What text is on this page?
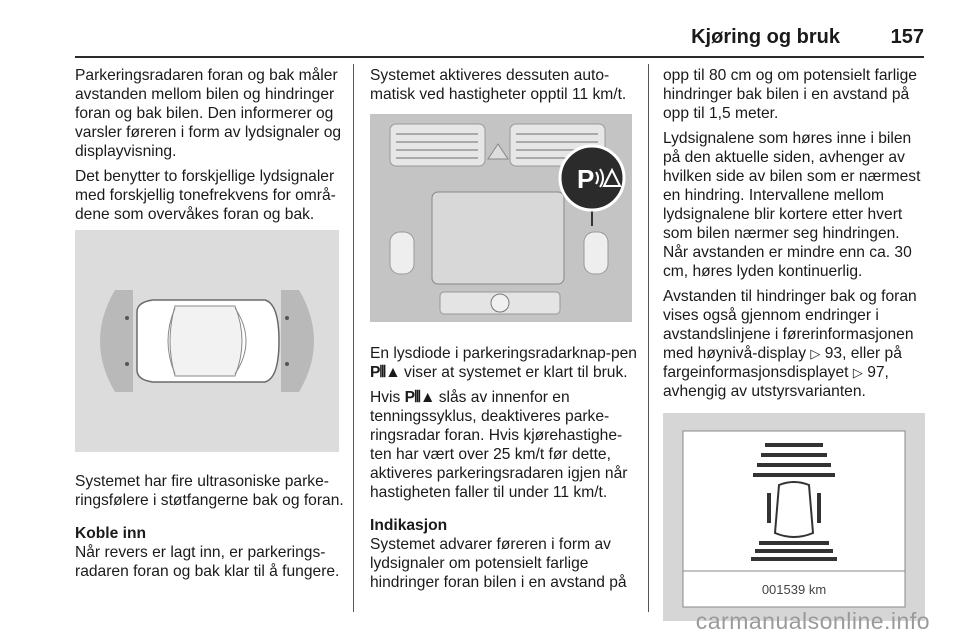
Kjøring og bruk	157

Parkeringsradaren foran og bak måler avstanden mellom bilen og hindringer foran og bak bilen. Den informerer og varsler føreren i form av lydsignaler og displayvisning.

Det benytter to forskjellige lydsignaler med forskjellig tonefrekvens for områ-dene som overvåkes foran og bak.

Systemet har fire ultrasoniske parke-ringsfølere i støtfangerne bak og foran.

Koble inn

Når revers er lagt inn, er parkerings-radaren foran og bak klar til å fungere.

Systemet aktiveres dessuten auto-matisk ved hastigheter opptil 11 km/t.

P

En lysdiode i parkeringsradarknap-pen P⦀▲ viser at systemet er klart til bruk.

Hvis P⦀▲ slås av innenfor en tenningssyklus, deaktiveres parke-ringsradar foran. Hvis kjørehastighe-ten har vært over 25 km/t før dette, aktiveres parkeringsradaren igjen når hastigheten faller til under 11 km/t.

Indikasjon

Systemet advarer føreren i form av lydsignaler om potensielt farlige hindringer foran bilen i en avstand på

opp til 80 cm og om potensielt farlige hindringer bak bilen i en avstand på opp til 1,5 meter.

Lydsignalene som høres inne i bilen på den aktuelle siden, avhenger av hvilken side av bilen som er nærmest en hindring. Intervallene mellom lydsignalene blir kortere etter hvert som bilen nærmer seg hindringen. Når avstanden er mindre enn ca. 30 cm, høres lyden kontinuerlig.

Avstanden til hindringer bak og foran vises også gjennom endringer i avstandslinjene i førerinformasjonen med høynivå-display ▷ 93, eller på fargeinformasjonsdisplayet ▷ 97, avhengig av utstyrsvarianten.

001539 km
carmanualsonline.info
